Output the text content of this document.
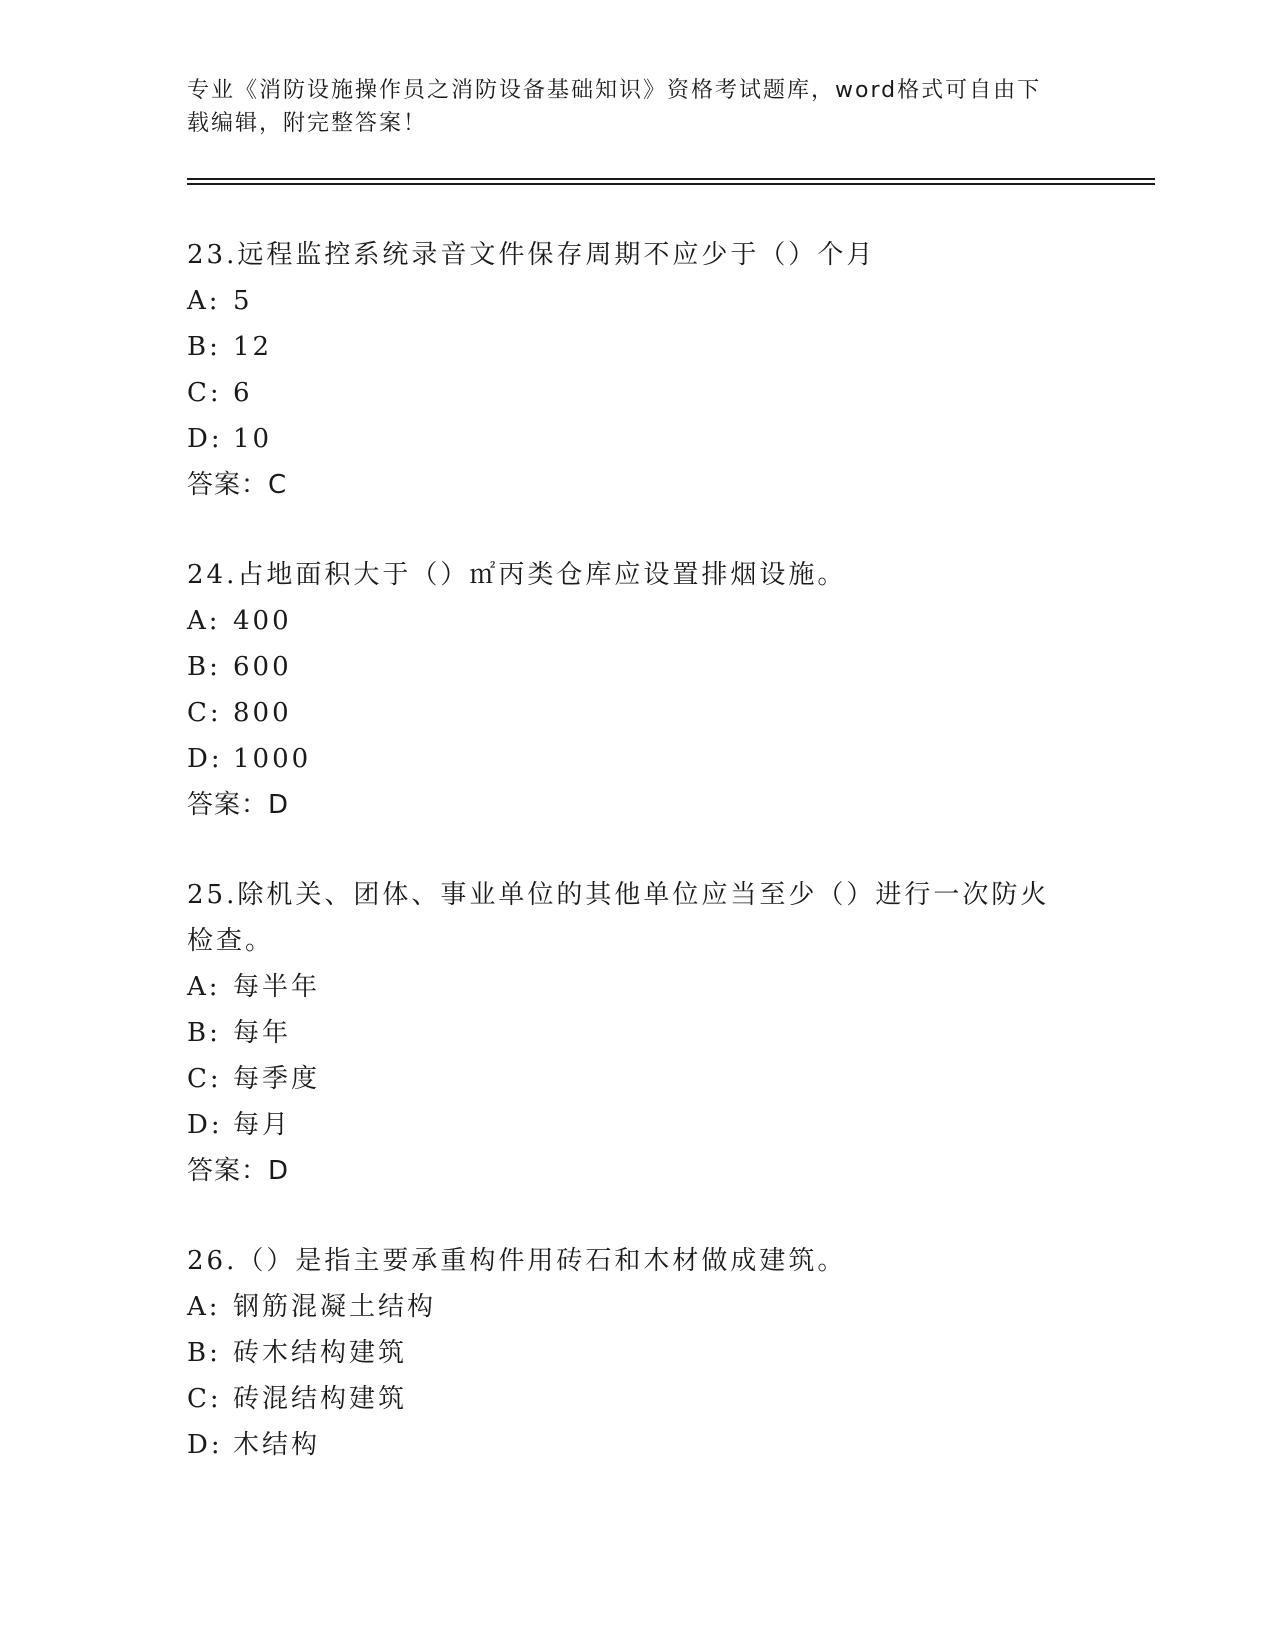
专业《消防设施操作员之消防设备基础知识》资格考试题库，word格式可自由下
载编辑，附完整答案！
23.远程监控系统录音文件保存周期不应少于（）个月
A: 5
B: 12
C: 6
D: 10
答案：C
24.占地面积大于（）㎡丙类仓库应设置排烟设施。
A: 400
B: 600
C: 800
D: 1000
答案：D
25.除机关、团体、事业单位的其他单位应当至少（）进行一次防火检查。
A: 每半年
B: 每年
C: 每季度
D: 每月
答案：D
26.（）是指主要承重构件用砖石和木材做成建筑。
A: 钢筋混凝土结构
B: 砖木结构建筑
C: 砖混结构建筑
D: 木结构
